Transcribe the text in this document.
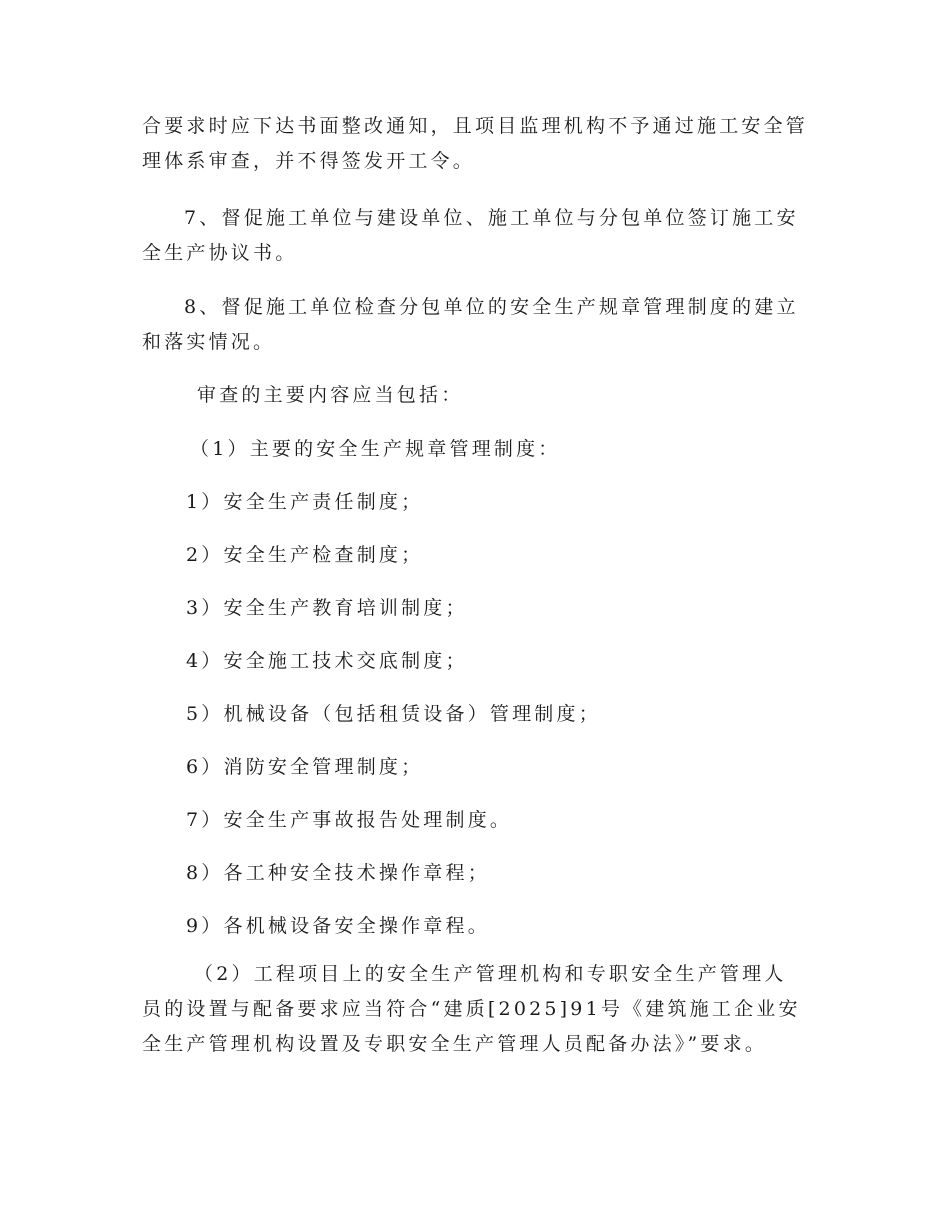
合要求时应下达书面整改通知，且项目监理机构不予通过施工安全管理体系审查，并不得签发开工令。

7、督促施工单位与建设单位、施工单位与分包单位签订施工安全生产协议书。

8、督促施工单位检查分包单位的安全生产规章管理制度的建立和落实情况。

审查的主要内容应当包括：

（1）主要的安全生产规章管理制度：

1）安全生产责任制度；

2）安全生产检查制度；

3）安全生产教育培训制度；

4）安全施工技术交底制度；

5）机械设备（包括租赁设备）管理制度；

6）消防安全管理制度；

7）安全生产事故报告处理制度。

8）各工种安全技术操作章程；

9）各机械设备安全操作章程。

（2）工程项目上的安全生产管理机构和专职安全生产管理人员的设置与配备要求应当符合“建质[2025]91号《建筑施工企业安全生产管理机构设置及专职安全生产管理人员配备办法》”要求。
